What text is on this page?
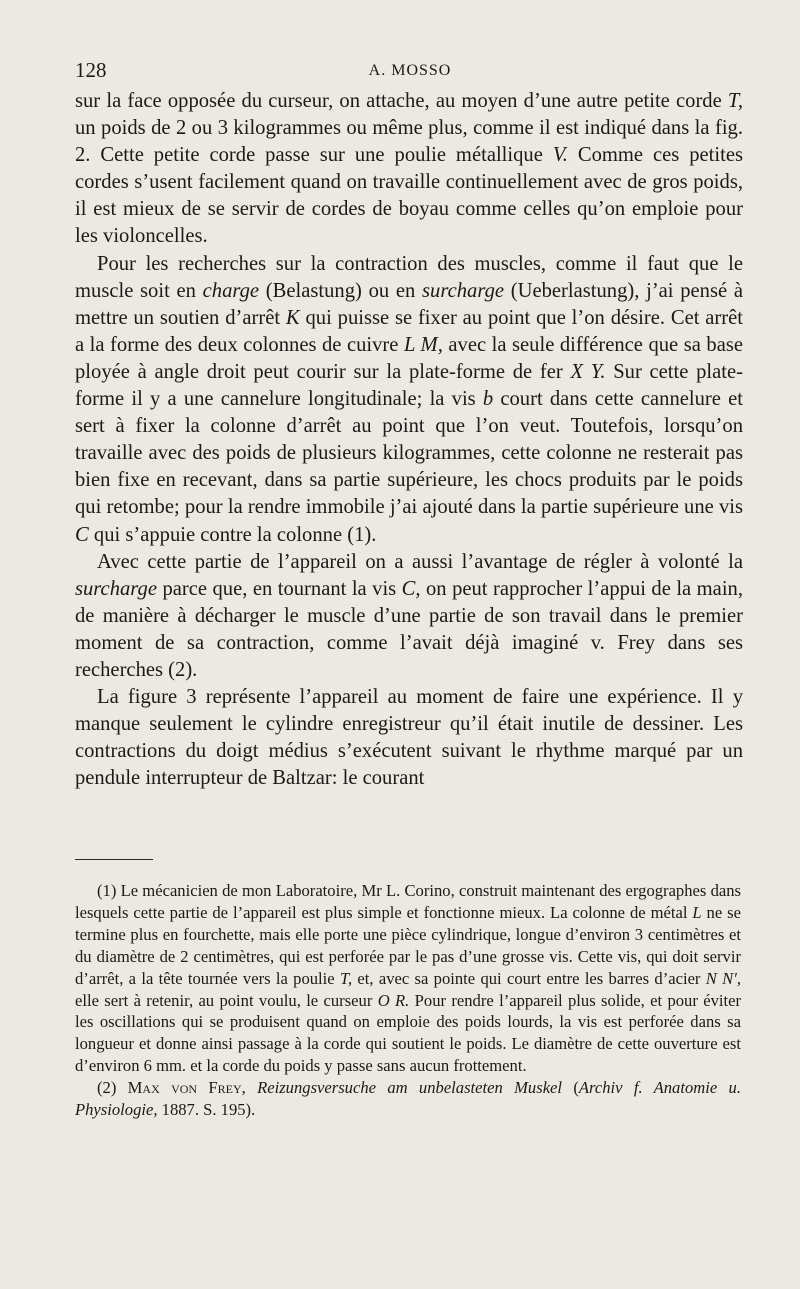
128	A. MOSSO

sur la face opposée du curseur, on attache, au moyen d’une autre petite corde T, un poids de 2 ou 3 kilogrammes ou même plus, comme il est indiqué dans la fig. 2. Cette petite corde passe sur une poulie métallique V. Comme ces petites cordes s’usent facilement quand on travaille continuellement avec de gros poids, il est mieux de se servir de cordes de boyau comme celles qu’on emploie pour les violoncelles.

Pour les recherches sur la contraction des muscles, comme il faut que le muscle soit en charge (Belastung) ou en surcharge (Ueberlastung), j’ai pensé à mettre un soutien d’arrêt K qui puisse se fixer au point que l’on désire. Cet arrêt a la forme des deux colonnes de cuivre L M, avec la seule différence que sa base ployée à angle droit peut courir sur la plate-forme de fer X Y. Sur cette plate-forme il y a une cannelure longitudinale; la vis b court dans cette cannelure et sert à fixer la colonne d’arrêt au point que l’on veut. Toutefois, lorsqu’on travaille avec des poids de plusieurs kilogrammes, cette colonne ne resterait pas bien fixe en recevant, dans sa partie supérieure, les chocs produits par le poids qui retombe; pour la rendre immobile j’ai ajouté dans la partie supérieure une vis C qui s’appuie contre la colonne (1).

Avec cette partie de l’appareil on a aussi l’avantage de régler à volonté la surcharge parce que, en tournant la vis C, on peut rapprocher l’appui de la main, de manière à décharger le muscle d’une partie de son travail dans le premier moment de sa contraction, comme l’avait déjà imaginé v. Frey dans ses recherches (2).

La figure 3 représente l’appareil au moment de faire une expérience. Il y manque seulement le cylindre enregistreur qu’il était inutile de dessiner. Les contractions du doigt médius s’exécutent suivant le rhythme marqué par un pendule interrupteur de Baltzar: le courant

(1) Le mécanicien de mon Laboratoire, Mr L. Corino, construit maintenant des ergographes dans lesquels cette partie de l’appareil est plus simple et fonctionne mieux. La colonne de métal L ne se termine plus en fourchette, mais elle porte une pièce cylindrique, longue d’environ 3 centimètres et du diamètre de 2 centimètres, qui est perforée par le pas d’une grosse vis. Cette vis, qui doit servir d’arrêt, a la tête tournée vers la poulie T, et, avec sa pointe qui court entre les barres d’acier N N′, elle sert à retenir, au point voulu, le curseur O R. Pour rendre l’appareil plus solide, et pour éviter les oscillations qui se produisent quand on emploie des poids lourds, la vis est perforée dans sa longueur et donne ainsi passage à la corde qui soutient le poids. Le diamètre de cette ouverture est d’environ 6 mm. et la corde du poids y passe sans aucun frottement.

(2) Max von Frey, Reizungsversuche am unbelasteten Muskel (Archiv f. Anatomie u. Physiologie, 1887. S. 195).
